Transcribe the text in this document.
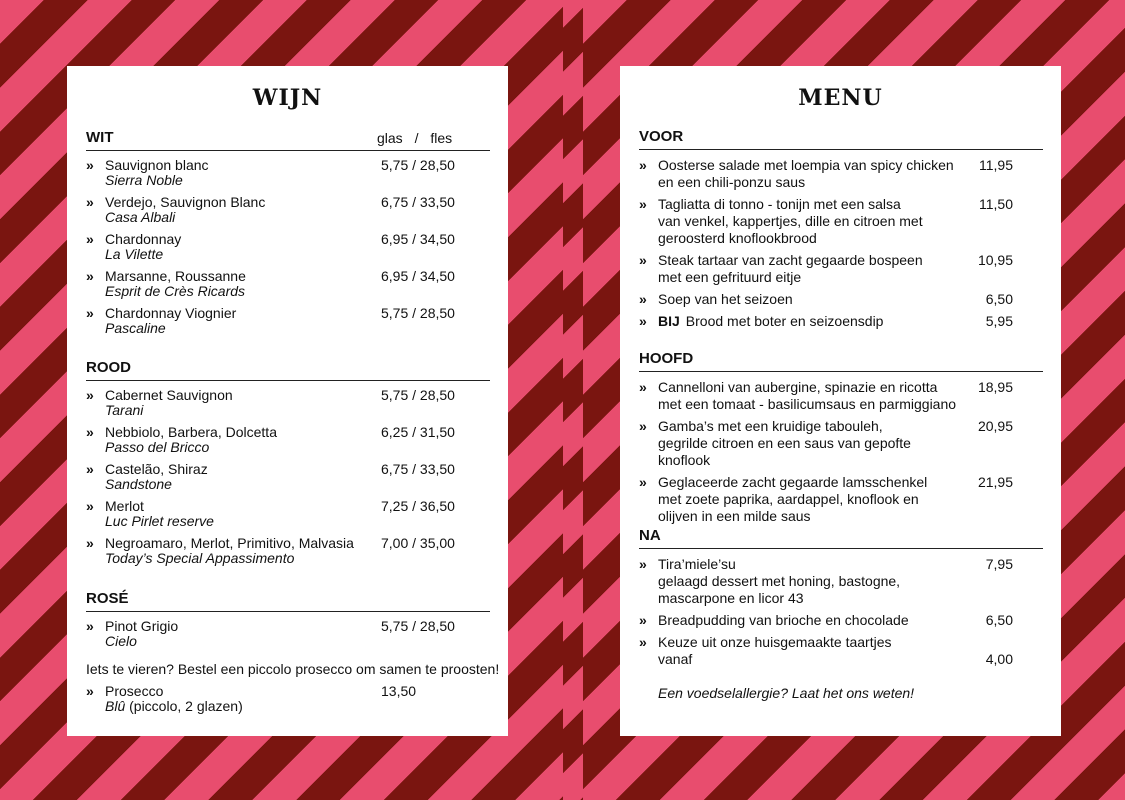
WIJN
WIT	glas / fles
» Sauvignon blanc
Sierra Noble
5,75 / 28,50
» Verdejo, Sauvignon Blanc
Casa Albali
6,75 / 33,50
» Chardonnay
La Vilette
6,95 / 34,50
» Marsanne, Roussanne
Esprit de Crès Ricards
6,95 / 34,50
» Chardonnay Viognier
Pascaline
5,75 / 28,50
ROOD
» Cabernet Sauvignon
Tarani
5,75 / 28,50
» Nebbiolo, Barbera, Dolcetta
Passo del Bricco
6,25 / 31,50
» Castelão, Shiraz
Sandstone
6,75 / 33,50
» Merlot
Luc Pirlet reserve
7,25 / 36,50
» Negroamaro, Merlot, Primitivo, Malvasia
Today’s Special Appassimento
7,00 / 35,00
ROSÉ
» Pinot Grigio
Cielo
5,75 / 28,50
Iets te vieren? Bestel een piccolo prosecco om samen te proosten!
» Prosecco
Blû (piccolo, 2 glazen)
13,50
MENU
VOOR
» Oosterse salade met loempia van spicy chicken
en een chili-ponzu saus
11,95
» Tagliatta di tonno - tonijn met een salsa
van venkel, kappertjes, dille en citroen met
geroosterd knoflookbrood
11,50
» Steak tartaar van zacht gegaarde bospeen
met een gefrituurd eitje
10,95
» Soep van het seizoen	6,50
» BIJ Brood met boter en seizoensdip	5,95
HOOFD
» Cannelloni van aubergine, spinazie en ricotta
met een tomaat - basilicumsaus en parmiggiano
18,95
» Gamba’s met een kruidige tabouleh,
gegrilde citroen en een saus van gepofte knoflook
20,95
» Geglaceerde zacht gegaarde lamsschenkel
met zoete paprika, aardappel, knoflook en
olijven in een milde saus
21,95
NA
» Tira’miele’su
gelaagd dessert met honing, bastogne,
mascarpone en licor 43
7,95
» Breadpudding van brioche en chocolade	6,50
» Keuze uit onze huisgemaakte taartjes
vanaf	4,00
Een voedselallergie? Laat het ons weten!
